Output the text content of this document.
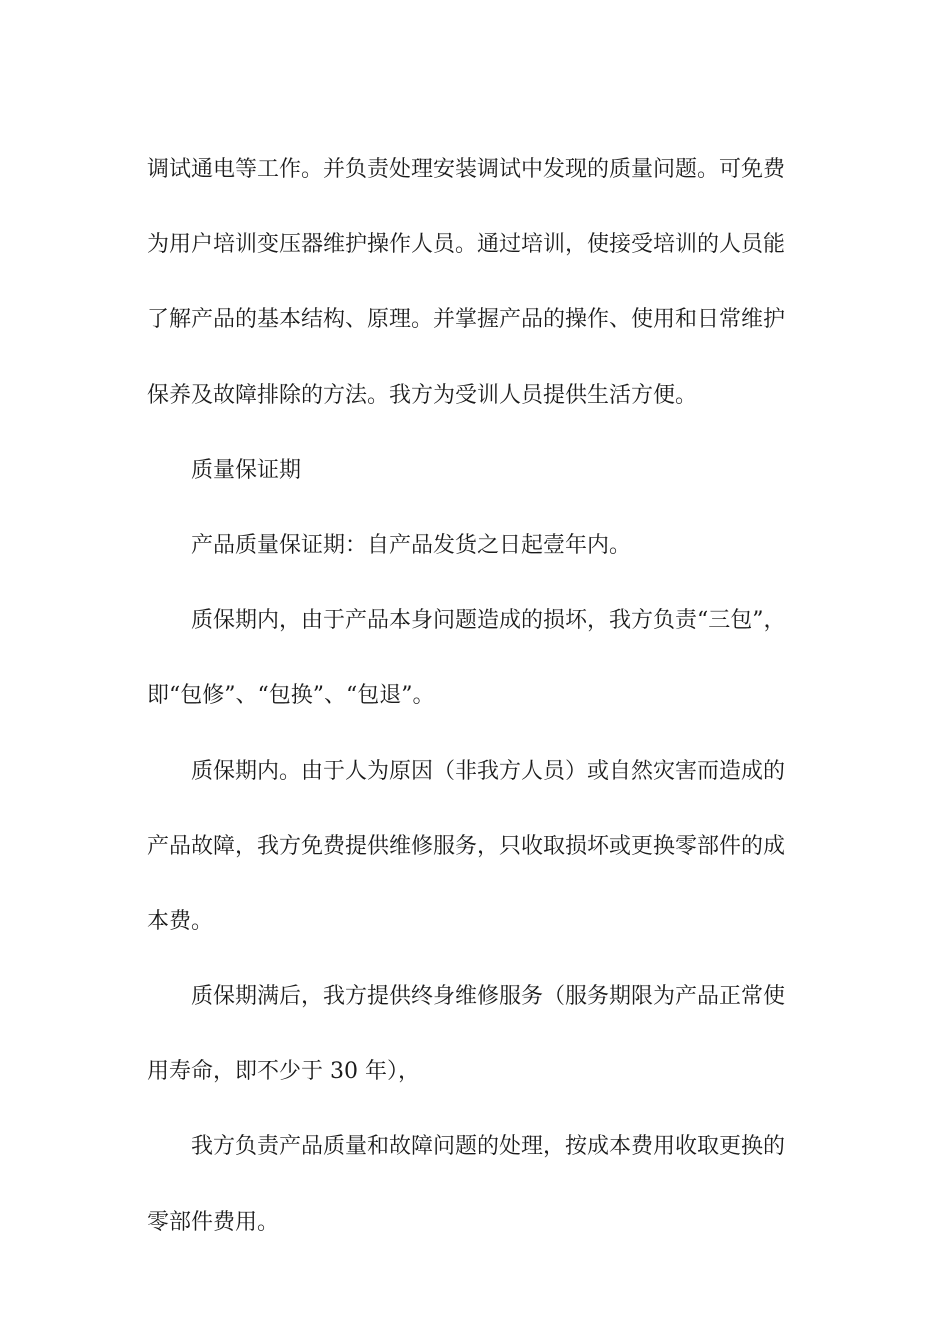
调试通电等工作。并负责处理安装调试中发现的质量问题。可免费
为用户培训变压器维护操作人员。通过培训，使接受培训的人员能
了解产品的基本结构、原理。并掌握产品的操作、使用和日常维护
保养及故障排除的方法。我方为受训人员提供生活方便。
质量保证期
产品质量保证期：自产品发货之日起壹年内。
质保期内，由于产品本身问题造成的损坏，我方负责“三包”，
即“包修”、“包换”、“包退”。
质保期内。由于人为原因（非我方人员）或自然灾害而造成的
产品故障，我方免费提供维修服务，只收取损坏或更换零部件的成
本费。
质保期满后，我方提供终身维修服务（服务期限为产品正常使
用寿命，即不少于 30 年），
我方负责产品质量和故障问题的处理，按成本费用收取更换的
零部件费用。
